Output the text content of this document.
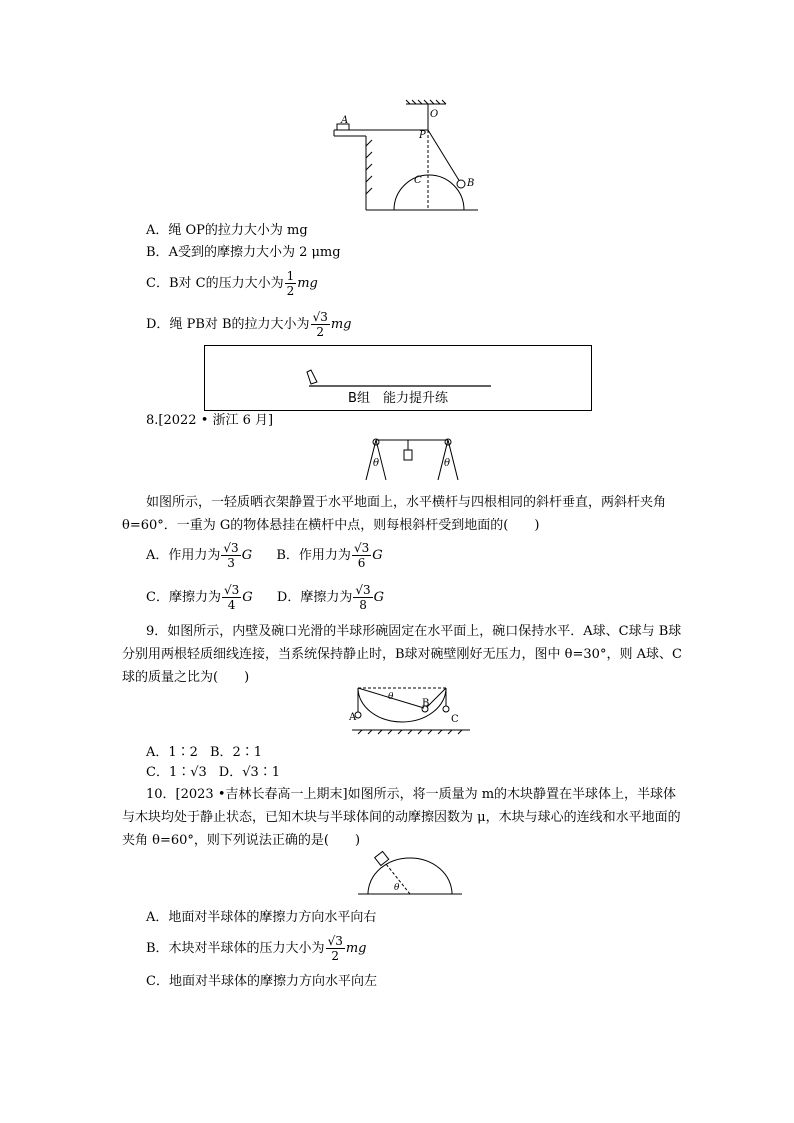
O
A
P
C	B
A．绳 OP的拉力大小为 mg
B．A受到的摩擦力大小为 2 μmg
C．B对 C的压力大小为 $\frac{1}{2}$ mg
D．绳 PB对 B的拉力大小为 $\frac{√3}{2}$ mg
B组　能力提升练
8.[2022 • 浙江 6 月]
θ	θ
如图所示，一轻质晒衣架静置于水平地面上，水平横杆与四根相同的斜杆垂直，两斜杆夹角 θ=60°．一重为 G的物体悬挂在横杆中点，则每根斜杆受到地面的(　　)
A．作用力为 $\frac{√3}{3}$ G B．作用力为 $\frac{√3}{6}$ G
C．摩擦力为 $\frac{√3}{4}$ G D．摩擦力为 $\frac{√3}{8}$ G
9．如图所示，内壁及碗口光滑的半球形碗固定在水平面上，碗口保持水平．A球、C球与 B球分别用两根轻质细线连接，当系统保持静止时，B球对碗壁刚好无压力，图中 θ=30°，则 A球、C球的质量之比为(　　)
θ
A
B
C
A．1∶2 B．2∶1
C．1∶√3 D．√3∶1
10．[2023 •吉林长春高一上期末]如图所示，将一质量为 m的木块静置在半球体上，半球体与木块均处于静止状态，已知木块与半球体间的动摩擦因数为 μ，木块与球心的连线和水平地面的夹角 θ=60°，则下列说法正确的是(　　)
θ
A．地面对半球体的摩擦力方向水平向右
B．木块对半球体的压力大小为 $\frac{√3}{2}$ mg
C．地面对半球体的摩擦力方向水平向左
